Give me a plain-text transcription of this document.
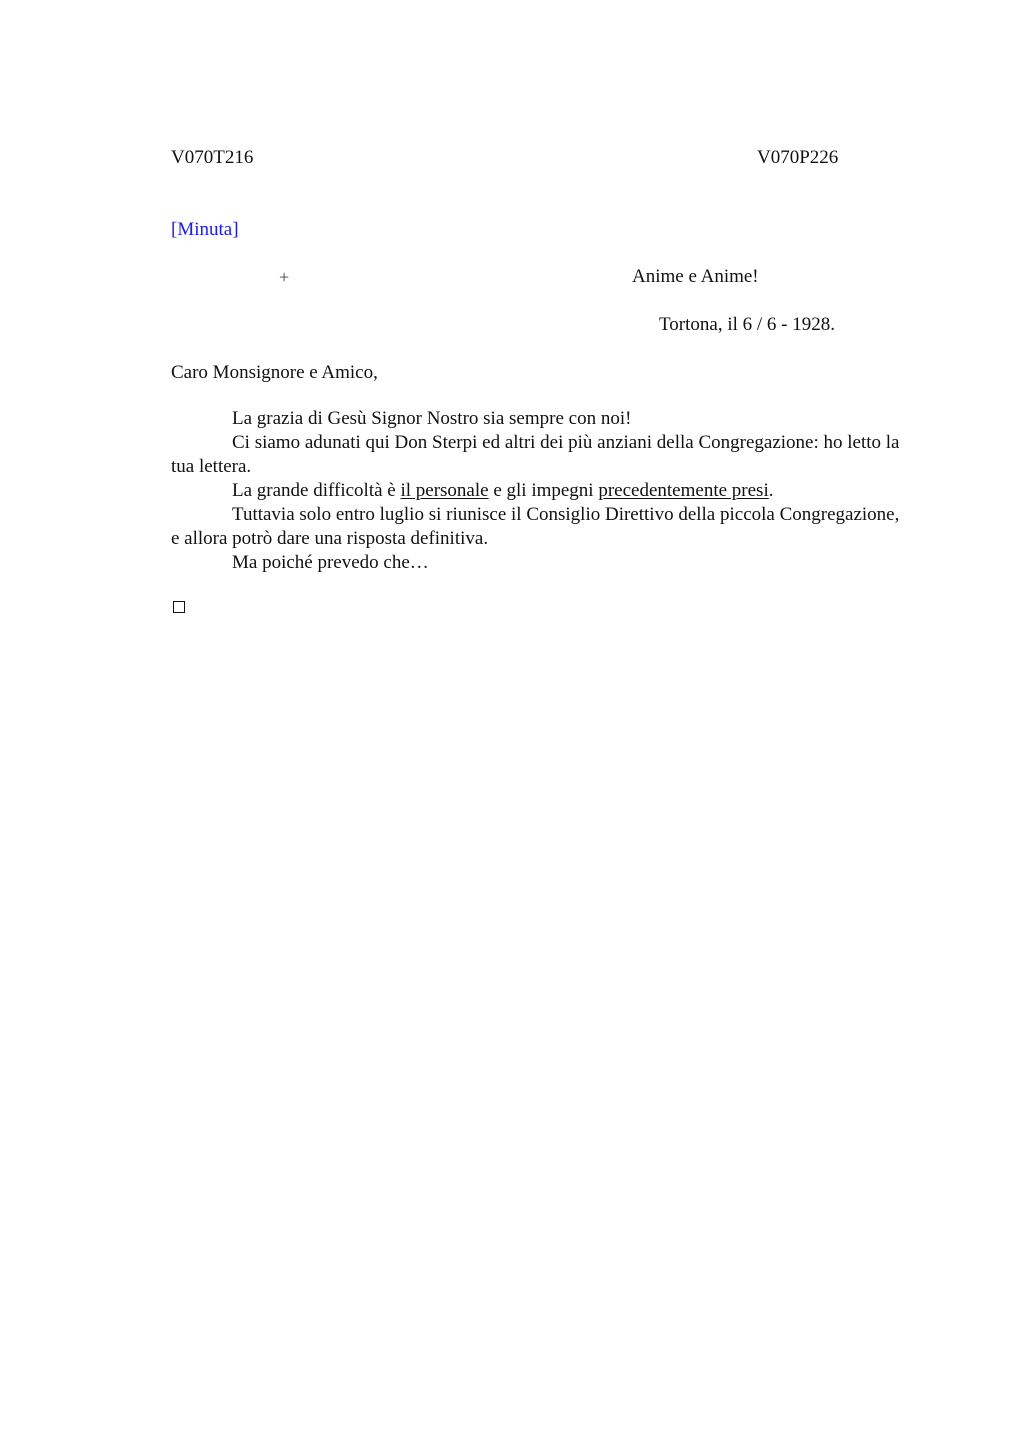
V070T216	V070P226
[Minuta]
+	Anime e Anime!
Tortona, il 6 / 6 - 1928.
Caro Monsignore e Amico,

La grazia di Gesù Signor Nostro sia sempre con noi!

Ci siamo adunati qui Don Sterpi ed altri dei più anziani della Congregazione: ho letto la tua lettera.

La grande difficoltà è il personale e gli impegni precedentemente presi.

Tuttavia solo entro luglio si riunisce il Consiglio Direttivo della piccola Congregazione, e allora potrò dare una risposta definitiva.

Ma poiché prevedo che…
